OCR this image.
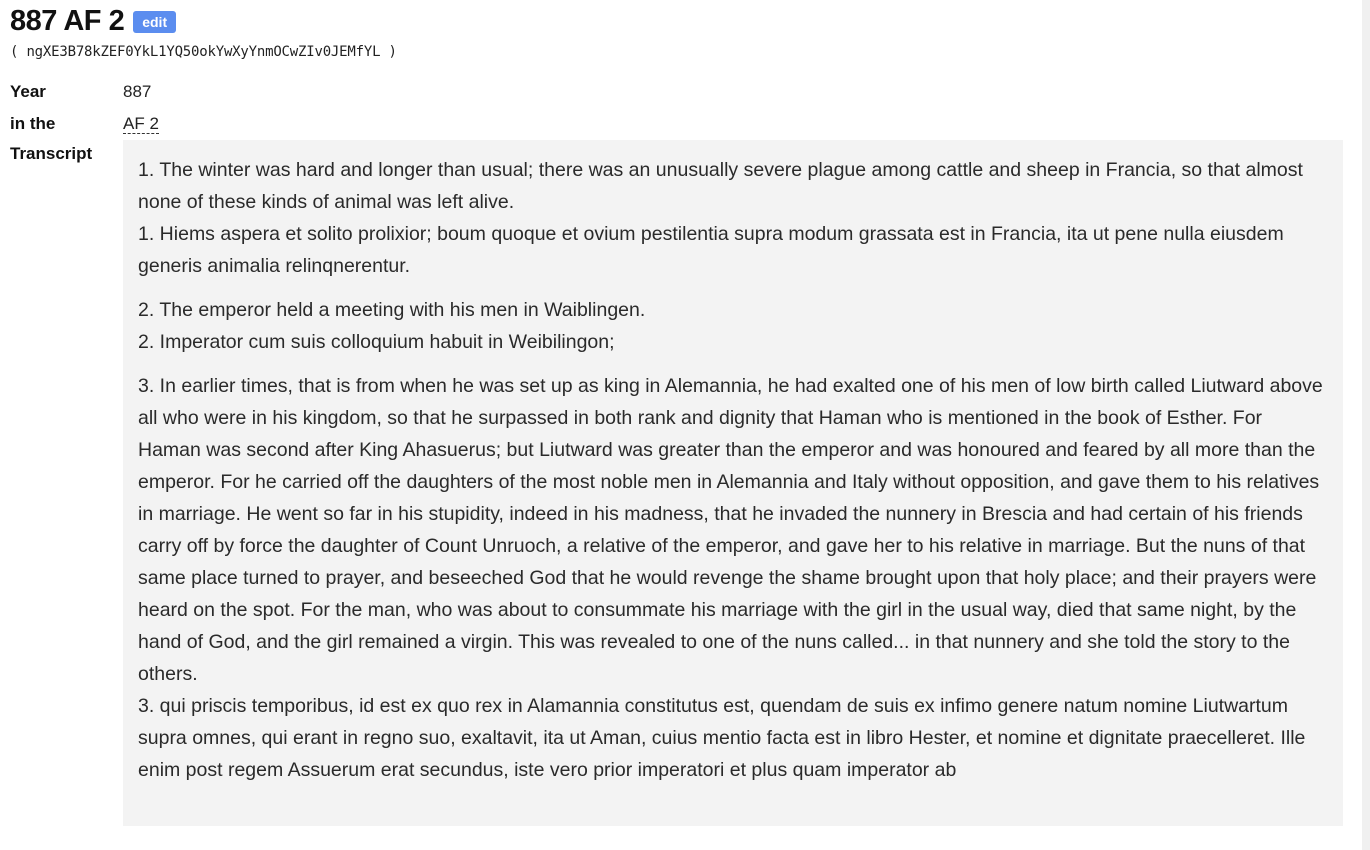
887 AF 2	edit
( ngXE3B78kZEF0YkL1YQ50okYwXyYnmOCwZIv0JEMfYL )
Year	887
in the	AF 2
Transcript

1. The winter was hard and longer than usual; there was an unusually severe plague among cattle and sheep in Francia, so that almost none of these kinds of animal was left alive.

1. Hiems aspera et solito prolixior; boum quoque et ovium pestilentia supra modum grassata est in Francia, ita ut pene nulla eiusdem generis animalia relinqnerentur.

2. The emperor held a meeting with his men in Waiblingen.

2. Imperator cum suis colloquium habuit in Weibilingon;

3. In earlier times, that is from when he was set up as king in Alemannia, he had exalted one of his men of low birth called Liutward above all who were in his kingdom, so that he surpassed in both rank and dignity that Haman who is mentioned in the book of Esther. For Haman was second after King Ahasuerus; but Liutward was greater than the emperor and was honoured and feared by all more than the emperor. For he carried off the daughters of the most noble men in Alemannia and Italy without opposition, and gave them to his relatives in marriage. He went so far in his stupidity, indeed in his madness, that he invaded the nunnery in Brescia and had certain of his friends carry off by force the daughter of Count Unruoch, a relative of the emperor, and gave her to his relative in marriage. But the nuns of that same place turned to prayer, and beseeched God that he would revenge the shame brought upon that holy place; and their prayers were heard on the spot. For the man, who was about to consummate his marriage with the girl in the usual way, died that same night, by the hand of God, and the girl remained a virgin. This was revealed to one of the nuns called... in that nunnery and she told the story to the others.

3. qui priscis temporibus, id est ex quo rex in Alamannia constitutus est, quendam de suis ex infimo genere natum nomine Liutwartum supra omnes, qui erant in regno suo, exaltavit, ita ut Aman, cuius mentio facta est in libro Hester, et nomine et dignitate praecelleret. Ille enim post regem Assuerum erat secundus, iste vero prior imperatori et plus quam imperator ab
